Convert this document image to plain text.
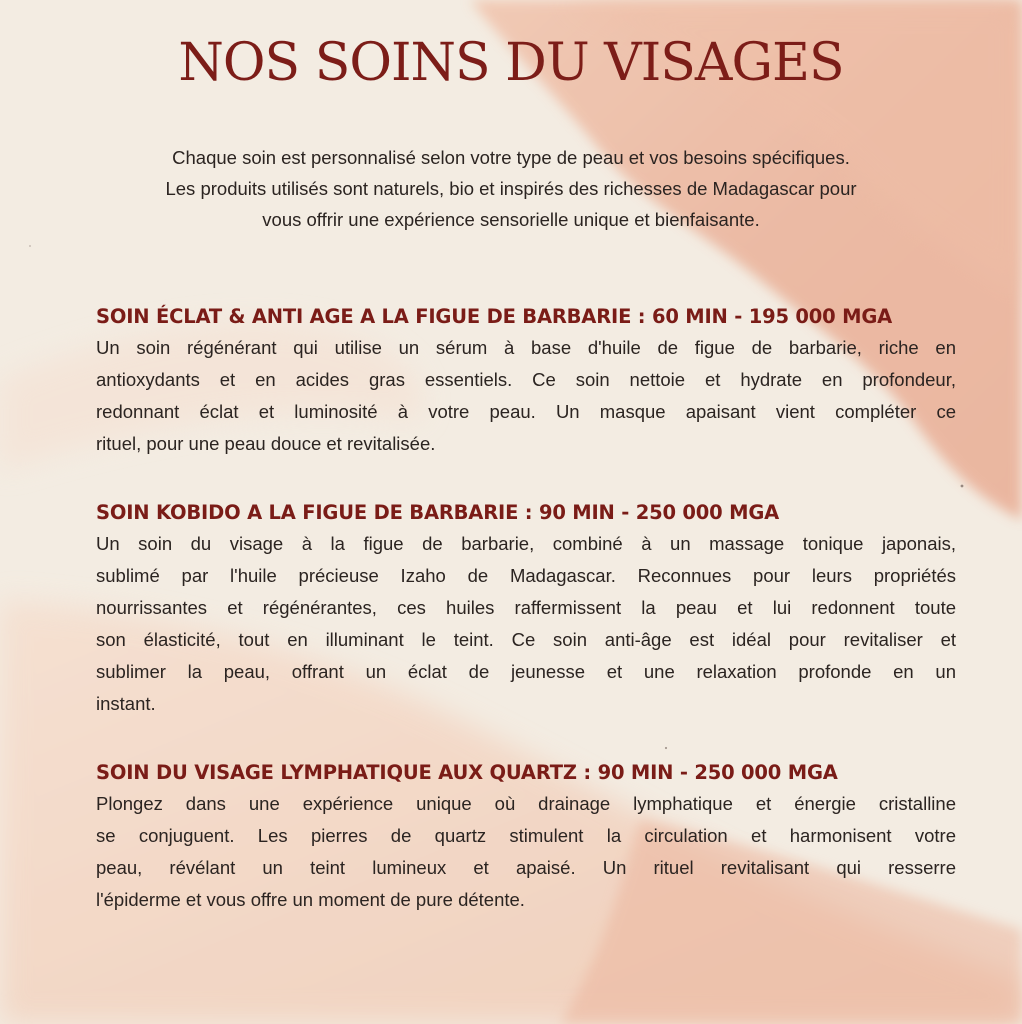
NOS SOINS DU VISAGES
Chaque soin est personnalisé selon votre type de peau et vos besoins spécifiques.
Les produits utilisés sont naturels, bio et inspirés des richesses de Madagascar pour
vous offrir une expérience sensorielle unique et bienfaisante.
SOIN ÉCLAT & ANTI AGE A LA FIGUE DE BARBARIE : 60 MIN - 195 000 MGA
Un soin régénérant qui utilise un sérum à base d'huile de figue de barbarie, riche en
antioxydants et en acides gras essentiels. Ce soin nettoie et hydrate en profondeur,
redonnant éclat et luminosité à votre peau. Un masque apaisant vient compléter ce
rituel, pour une peau douce et revitalisée.
SOIN KOBIDO A LA FIGUE DE BARBARIE : 90 MIN - 250 000 MGA
Un soin du visage à la figue de barbarie, combiné à un massage tonique japonais,
sublimé par l'huile précieuse Izaho de Madagascar. Reconnues pour leurs propriétés
nourrissantes et régénérantes, ces huiles raffermissent la peau et lui redonnent toute
son élasticité, tout en illuminant le teint. Ce soin anti-âge est idéal pour revitaliser et
sublimer la peau, offrant un éclat de jeunesse et une relaxation profonde en un
instant.
SOIN DU VISAGE LYMPHATIQUE AUX QUARTZ : 90 MIN - 250 000 MGA
Plongez dans une expérience unique où drainage lymphatique et énergie cristalline
se conjuguent. Les pierres de quartz stimulent la circulation et harmonisent votre
peau, révélant un teint lumineux et apaisé. Un rituel revitalisant qui resserre
l'épiderme et vous offre un moment de pure détente.
